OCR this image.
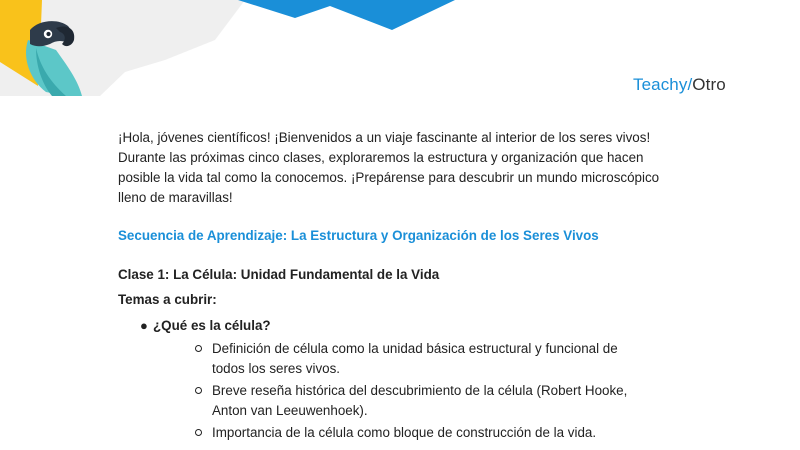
Teachy/Otro

¡Hola, jóvenes científicos! ¡Bienvenidos a un viaje fascinante al interior de los seres vivos! Durante las próximas cinco clases, exploraremos la estructura y organización que hacen posible la vida tal como la conocemos. ¡Prepárense para descubrir un mundo microscópico lleno de maravillas!

Secuencia de Aprendizaje: La Estructura y Organización de los Seres Vivos

Clase 1: La Célula: Unidad Fundamental de la Vida

Temas a cubrir:

● ¿Qué es la célula?
Definición de célula como la unidad básica estructural y funcional de todos los seres vivos.
Breve reseña histórica del descubrimiento de la célula (Robert Hooke, Anton van Leeuwenhoek).
Importancia de la célula como bloque de construcción de la vida.
